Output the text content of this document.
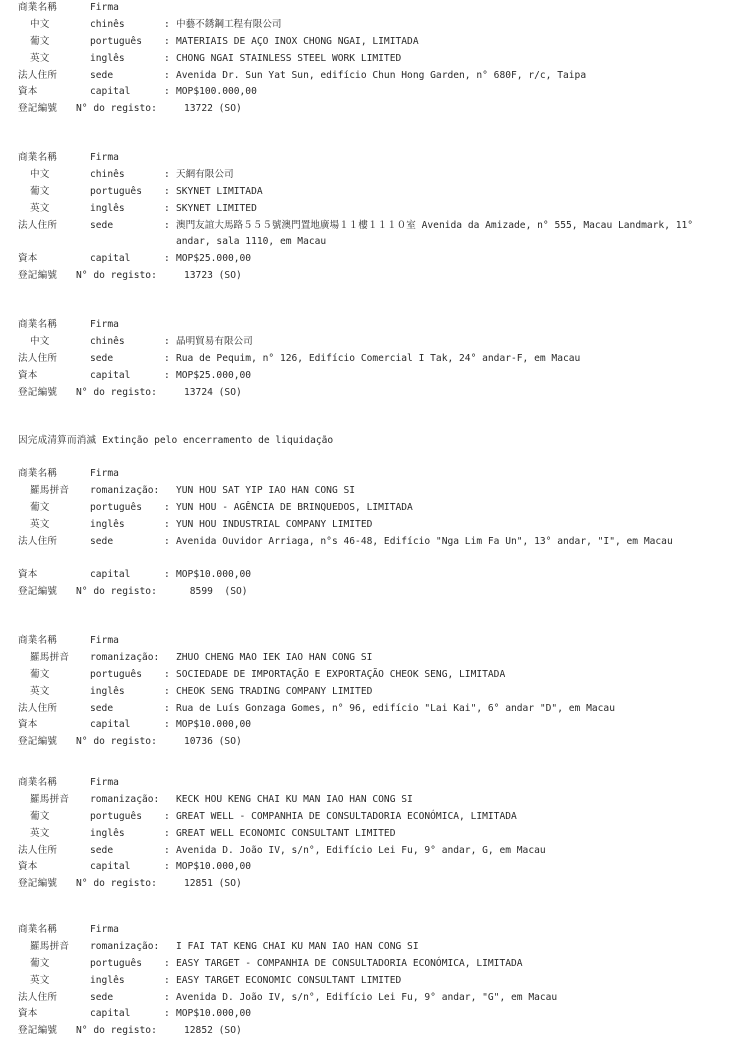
商業名稱	Firma
中文	chinês	: 中藝不銹鋼工程有限公司
葡文	português : MATERIAIS DE AÇO INOX CHONG NGAI, LIMITADA
英文	inglês	: CHONG NGAI STAINLESS STEEL WORK LIMITED
法人住所	sede	: Avenida Dr. Sun Yat Sun, edifício Chun Hong Garden, n° 680F, r/c, Taipa
資本	capital	: MOP$100.000,00
登記編號 N° do registo:	13722 (SO)
商業名稱	Firma
中文	chinês	: 天網有限公司
葡文	português : SKYNET LIMITADA
英文	inglês	: SKYNET LIMITED
法人住所	sede	: 澳門友誼大馬路５５５號澳門置地廣場１１樓１１１０室 Avenida da Amizade, n° 555, Macau Landmark, 11° andar, sala 1110, em Macau
資本	capital	: MOP$25.000,00
登記編號 N° do registo:	13723 (SO)
商業名稱	Firma
中文	chinês	: 晶明貿易有限公司
法人住所	sede	: Rua de Pequim, n° 126, Edifício Comercial I Tak, 24° andar-F, em Macau
資本	capital	: MOP$25.000,00
登記編號 N° do registo:	13724 (SO)
因完成清算而消滅 Extinção pelo encerramento de liquidação
商業名稱	Firma
羅馬拼音 romanização: YUN HOU SAT YIP IAO HAN CONG SI
葡文	português : YUN HOU - AGÊNCIA DE BRINQUEDOS, LIMITADA
英文	inglês	: YUN HOU INDUSTRIAL COMPANY LIMITED
法人住所	sede	: Avenida Ouvidor Arriaga, n°s 46-48, Edifício "Nga Lim Fa Un", 13° andar, "I", em Macau
資本	capital	: MOP$10.000,00
登記編號 N° do registo:	8599  (SO)
商業名稱	Firma
羅馬拼音 romanização: ZHUO CHENG MAO IEK IAO HAN CONG SI
葡文	português : SOCIEDADE DE IMPORTAÇÃO E EXPORTAÇÃO CHEOK SENG, LIMITADA
英文	inglês	: CHEOK SENG TRADING COMPANY LIMITED
法人住所	sede	: Rua de Luís Gonzaga Gomes, n° 96, edifício "Lai Kai", 6° andar "D", em Macau
資本	capital	: MOP$10.000,00
登記編號 N° do registo:	10736 (SO)
商業名稱	Firma
羅馬拼音 romanização: KECK HOU KENG CHAI KU MAN IAO HAN CONG SI
葡文	português : GREAT WELL - COMPANHIA DE CONSULTADORIA ECONÓMICA, LIMITADA
英文	inglês	: GREAT WELL ECONOMIC CONSULTANT LIMITED
法人住所	sede	: Avenida D. João IV, s/n°, Edifício Lei Fu, 9° andar, G, em Macau
資本	capital	: MOP$10.000,00
登記編號 N° do registo:	12851 (SO)
商業名稱	Firma
羅馬拼音 romanização: I FAI TAT KENG CHAI KU MAN IAO HAN CONG SI
葡文	português : EASY TARGET - COMPANHIA DE CONSULTADORIA ECONÓMICA, LIMITADA
英文	inglês	: EASY TARGET ECONOMIC CONSULTANT LIMITED
法人住所	sede	: Avenida D. João IV, s/n°, Edifício Lei Fu, 9° andar, "G", em Macau
資本	capital	: MOP$10.000,00
登記編號 N° do registo:	12852 (SO)
